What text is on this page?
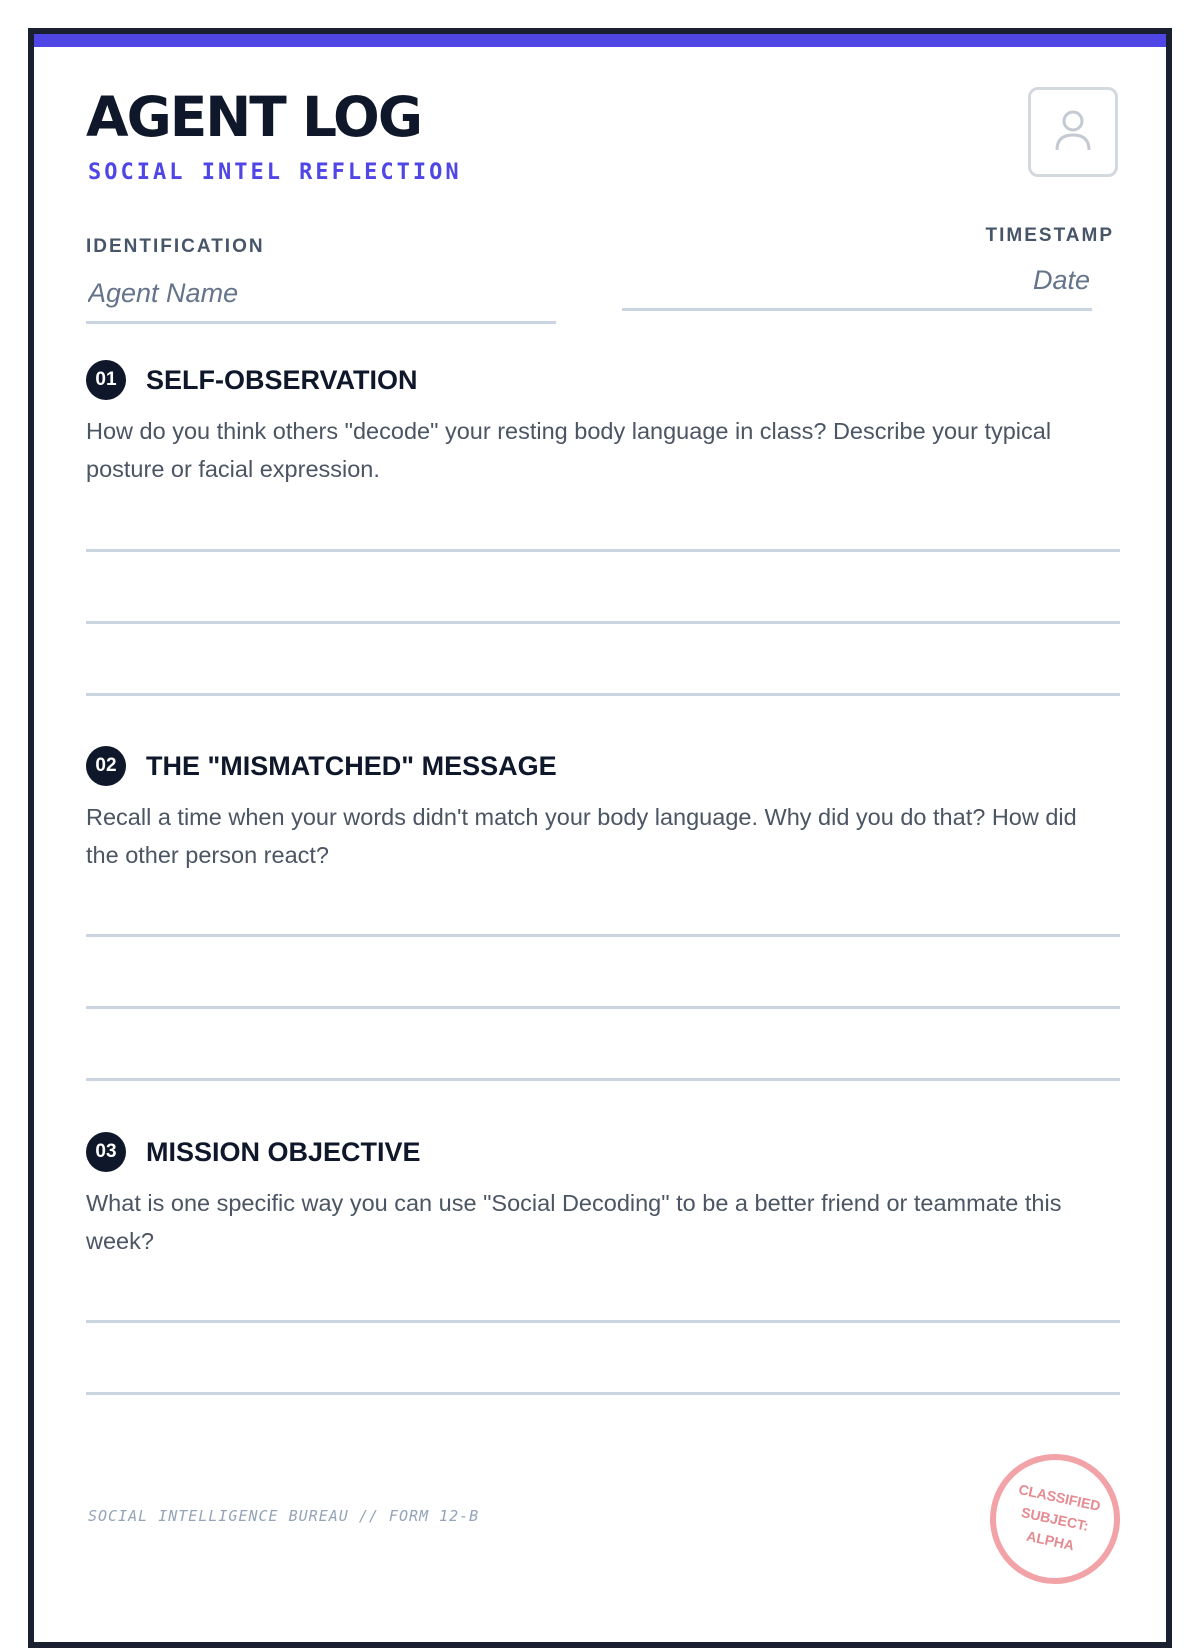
AGENT LOG
SOCIAL INTEL REFLECTION
IDENTIFICATION
Agent Name
TIMESTAMP
Date
01	SELF-OBSERVATION
How do you think others "decode" your resting body language in class? Describe your typical posture or facial expression.
02	THE "MISMATCHED" MESSAGE
Recall a time when your words didn't match your body language. Why did you do that? How did the other person react?
03	MISSION OBJECTIVE
What is one specific way you can use "Social Decoding" to be a better friend or teammate this week?
SOCIAL INTELLIGENCE BUREAU // FORM 12-B
CLASSIFIED
SUBJECT:
ALPHA
